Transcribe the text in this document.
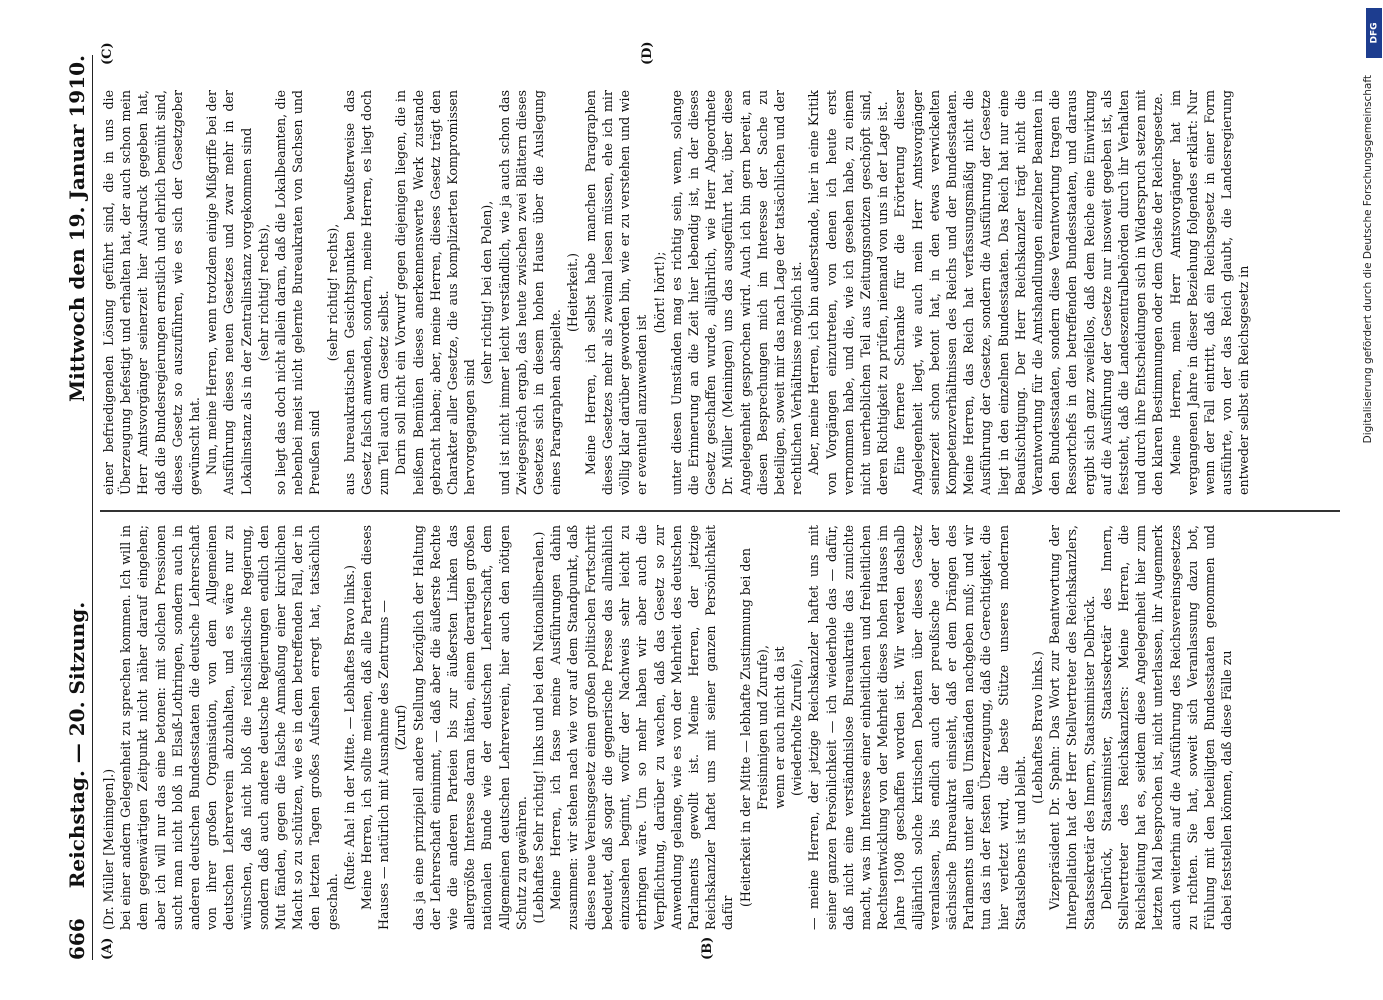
666
Reichstag. — 20. Sitzung.
Mittwoch den 19. Januar 1910.
(A)	(B)
(C)	(D)

(Dr. Müller [Meiningen].) bei einer andern Gelegenheit zu sprechen kommen. Ich will in dem gegenwärtigen Zeitpunkt nicht näher darauf eingehen; aber ich will nur das eine betonen: mit solchen Pressionen sucht man nicht bloß in Elsaß-Lothringen, sondern auch in anderen deutschen Bundesstaaten die deutsche Lehrerschaft von ihrer großen Organisation, von dem Allgemeinen deutschen Lehrerverein abzuhalten, und es wäre nur zu wünschen, daß nicht bloß die reichsländische Regierung, sondern daß auch andere deutsche Regierungen endlich den Mut fänden, gegen die falsche Anmaßung einer kirchlichen Macht so zu schützen, wie es in dem betreffenden Fall, der in den letzten Tagen großes Aufsehen erregt hat, tatsächlich geschah.

(Rufe: Aha! in der Mitte. — Lebhaftes Bravo links.) Meine Herren, ich sollte meinen, daß alle Parteien dieses Hauses — natürlich mit Ausnahme des Zentrums — (Zuruf) das ja eine prinzipiell andere Stellung bezüglich der Haltung der Lehrerschaft einnimmt, — daß aber die äußerste Rechte wie die anderen Parteien bis zur äußersten Linken das allergrößte Interesse daran hätten, einem derartigen großen nationalen Bunde wie der deutschen Lehrerschaft, dem Allgemeinen deutschen Lehrerverein, hier auch den nötigen Schutz zu gewähren. (Lebhaftes Sehr richtig! links und bei den Nationalliberalen.) Meine Herren, ich fasse meine Ausführungen dahin zusammen: wir stehen nach wie vor auf dem Standpunkt, daß dieses neue Vereinsgesetz einen großen politischen Fortschritt bedeutet, daß sogar die gegnerische Presse das allmählich einzusehen beginnt, wofür der Nachweis sehr leicht zu erbringen wäre. Um so mehr haben wir aber auch die Verpflichtung, darüber zu wachen, daß das Gesetz so zur Anwendung gelange, wie es von der Mehrheit des deutschen Parlaments gewollt ist. Meine Herren, der jetzige Reichskanzler haftet uns mit seiner ganzen Persönlichkeit dafür

(Heiterkeit in der Mitte — lebhafte Zustimmung bei den Freisinnigen und Zurufe), wenn er auch nicht da ist (wiederholte Zurufe), — meine Herren, der jetzige Reichskanzler haftet uns mit seiner ganzen Persönlichkeit — ich wiederhole das — dafür, daß nicht eine verständnislose Bureaukratie das zunichte macht, was im Interesse einer einheitlichen und freiheitlichen Rechtsentwicklung von der Mehrheit dieses hohen Hauses im Jahre 1908 geschaffen worden ist. Wir werden deshalb alljährlich solche kritischen Debatten über dieses Gesetz veranlassen, bis endlich auch der preußische oder der sächsische Bureaukrat einsieht, daß er dem Drängen des Parlaments unter allen Umständen nachgeben muß; und wir tun das in der festen Überzeugung, daß die Gerechtigkeit, die hier verletzt wird, die beste Stütze unseres modernen Staatslebens ist und bleibt.

(Lebhaftes Bravo links.) Vizepräsident Dr. Spahn: Das Wort zur Beantwortung der Interpellation hat der Herr Stellvertreter des Reichskanzlers, Staatssekretär des Innern, Staatsminister Delbrück. Delbrück, Staatsminister, Staatssekretär des Innern, Stellvertreter des Reichskanzlers: Meine Herren, die Reichsleitung hat es, seitdem diese Angelegenheit hier zum letzten Mal besprochen ist, nicht unterlassen, ihr Augenmerk auch weiterhin auf die Ausführung des Reichsvereinsgesetzes zu richten. Sie hat, soweit sich Veranlassung dazu bot, Fühlung mit den beteiligten Bundesstaaten genommen und dabei feststellen können, daß diese Fälle zu

einer befriedigenden Lösung geführt sind, die in uns die Überzeugung befestigt und erhalten hat, der auch schon mein Herr Amtsvorgänger seinerzeit hier Ausdruck gegeben hat, daß die Bundesregierungen ernstlich und ehrlich bemüht sind, dieses Gesetz so auszuführen, wie es sich der Gesetzgeber gewünscht hat. Nun, meine Herren, wenn trotzdem einige Mißgriffe bei der Ausführung dieses neuen Gesetzes und zwar mehr in der Lokalinstanz als in der Zentralinstanz vorgekommen sind (sehr richtig! rechts), so liegt das doch nicht allein daran, daß die Lokalbeamten, die nebenbei meist nicht gelernte Bureaukraten von Sachsen und Preußen sind

(sehr richtig! rechts), aus bureaukratischen Gesichtspunkten bewußterweise das Gesetz falsch anwenden, sondern, meine Herren, es liegt doch zum Teil auch am Gesetz selbst. Darin soll nicht ein Vorwurf gegen diejenigen liegen, die in heißem Bemühen dieses anerkennenswerte Werk zustande gebracht haben; aber, meine Herren, dieses Gesetz trägt den Charakter aller Gesetze, die aus komplizierten Kompromissen hervorgegangen sind

(sehr richtig! bei den Polen), und ist nicht immer leicht verständlich, wie ja auch schon das Zwiegespräch ergab, das heute zwischen zwei Blättern dieses Gesetzes sich in diesem hohen Hause über die Auslegung eines Paragraphen abspielte.

(Heiterkeit.) Meine Herren, ich selbst habe manchen Paragraphen dieses Gesetzes mehr als zweimal lesen müssen, ehe ich mir völlig klar darüber geworden bin, wie er zu verstehen und wie er eventuell anzuwenden ist

(hört! hört!); unter diesen Umständen mag es richtig sein, wenn, solange die Erinnerung an die Zeit hier lebendig ist, in der dieses Gesetz geschaffen wurde, alljährlich, wie Herr Abgeordnete Dr. Müller (Meiningen) uns das ausgeführt hat, über diese Angelegenheit gesprochen wird. Auch ich bin gern bereit, an diesen Besprechungen mich im Interesse der Sache zu beteiligen, soweit mir das nach Lage der tatsächlichen und der rechtlichen Verhältnisse möglich ist. Aber, meine Herren, ich bin außerstande, hier in eine Kritik von Vorgängen einzutreten, von denen ich heute erst vernommen habe, und die, wie ich gesehen habe, zu einem nicht unerheblichen Teil aus Zeitungsnotizen geschöpft sind, deren Richtigkeit zu prüfen, niemand von uns in der Lage ist. Eine fernere Schranke für die Erörterung dieser Angelegenheit liegt, wie auch mein Herr Amtsvorgänger seinerzeit schon betont hat, in den etwas verwickelten Kompetenzverhältnissen des Reichs und der Bundesstaaten. Meine Herren, das Reich hat verfassungsmäßig nicht die Ausführung der Gesetze, sondern die Ausführung der Gesetze liegt in den einzelnen Bundesstaaten. Das Reich hat nur eine Beaufsichtigung. Der Herr Reichskanzler trägt nicht die Verantwortung für die Amtshandlungen einzelner Beamten in den Bundesstaaten, sondern diese Verantwortung tragen die Ressortchefs in den betreffenden Bundesstaaten, und daraus ergibt sich ganz zweifellos, daß dem Reiche eine Einwirkung auf die Ausführung der Gesetze nur insoweit gegeben ist, als feststeht, daß die Landeszentralbehörden durch ihr Verhalten und durch ihre Entscheidungen sich in Widerspruch setzen mit den klaren Bestimmungen oder dem Geiste der Reichsgesetze. Meine Herren, mein Herr Amtsvorgänger hat im vergangenen Jahre in dieser Beziehung folgendes erklärt: Nur wenn der Fall eintritt, daß ein Reichsgesetz in einer Form ausführte, von der das Reich glaubt, die Landesregierung entweder selbst ein Reichsgesetz in	Digitalisierung gefördert durch die Deutsche Forschungsgemeinschaft
DFG
